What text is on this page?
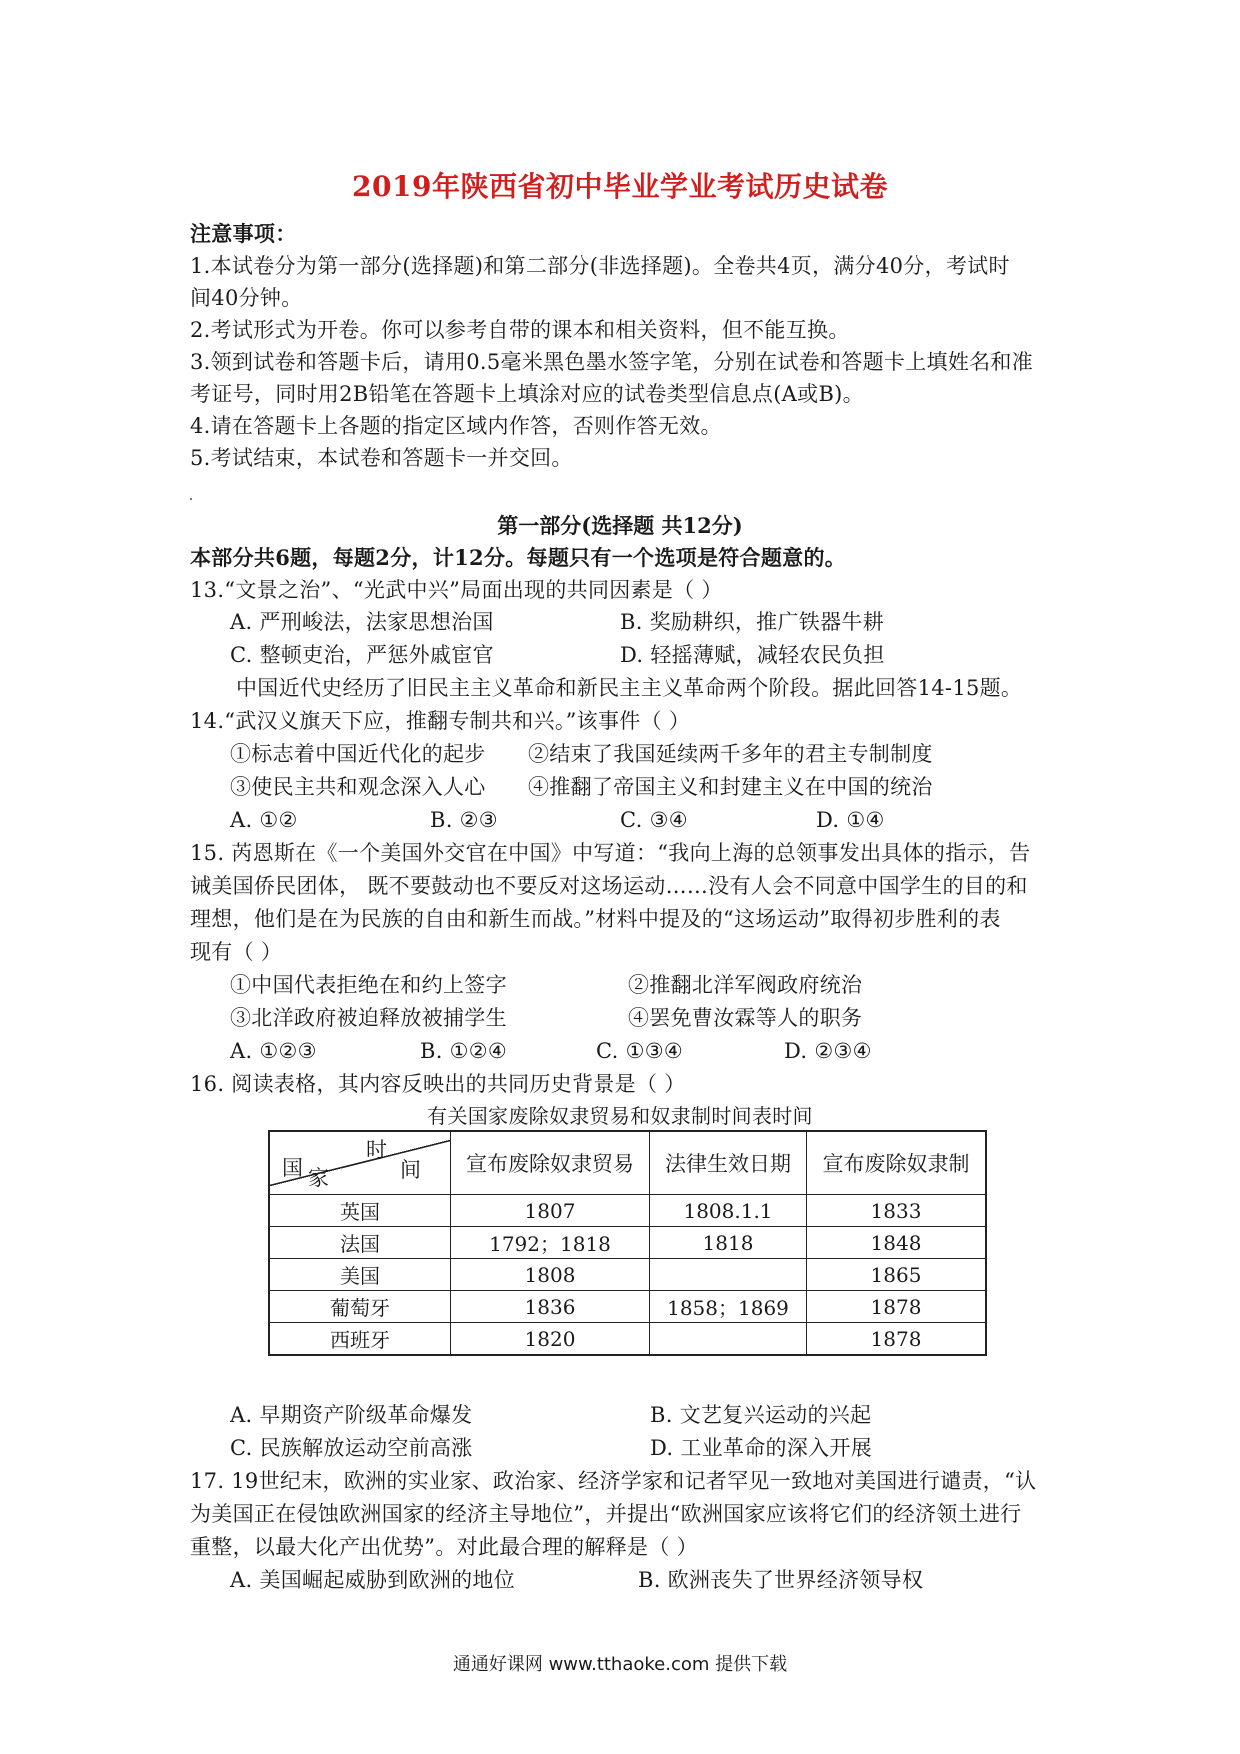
2019年陕西省初中毕业学业考试历史试卷
注意事项：
1.本试卷分为第一部分(选择题)和第二部分(非选择题)。全卷共4页，满分40分，考试时
间40分钟。
2.考试形式为开卷。你可以参考自带的课本和相关资料，但不能互换。
3.领到试卷和答题卡后，请用0.5毫米黑色墨水签字笔，分别在试卷和答题卡上填姓名和准
考证号，同时用2B铅笔在答题卡上填涂对应的试卷类型信息点(A或B)。
4.请在答题卡上各题的指定区域内作答，否则作答无效。
5.考试结束，本试卷和答题卡一并交回。
第一部分(选择题 共12分)
本部分共6题，每题2分，计12分。每题只有一个选项是符合题意的。
13.“文景之治”、“光武中兴”局面出现的共同因素是（ ）
A. 严刑峻法，法家思想治国	B. 奖励耕织，推广铁器牛耕
C. 整顿吏治，严惩外戚宦官	D. 轻摇薄赋，减轻农民负担
中国近代史经历了旧民主主义革命和新民主主义革命两个阶段。据此回答14-15题。
14.“武汉义旗天下应，推翻专制共和兴。”该事件（ ）
①标志着中国近代化的起步 ②结束了我国延续两千多年的君主专制制度
③使民主共和观念深入人心 ④推翻了帝国主义和封建主义在中国的统治
A. ①②	B. ②③	C. ③④	D. ①④
15. 芮恩斯在《一个美国外交官在中国》中写道：“我向上海的总领事发出具体的指示，告
诫美国侨民团体， 既不要鼓动也不要反对这场运动……没有人会不同意中国学生的目的和
理想，他们是在为民族的自由和新生而战。”材料中提及的“这场运动”取得初步胜利的表
现有（ ）
①中国代表拒绝在和约上签字	②推翻北洋军阀政府统治
③北洋政府被迫释放被捕学生	④罢免曹汝霖等人的职务
A. ①②③	B. ①②④	C. ①③④	D. ②③④
16. 阅读表格，其内容反映出的共同历史背景是（ ）
有关国家废除奴隶贸易和奴隶制时间表时间
时
间
国 家	宣布废除奴隶贸易	法律生效日期	宣布废除奴隶制
英国	1807	1808.1.1	1833
法国	1792；1818	1818	1848
美国	1808		1865
葡萄牙	1836	1858；1869	1878
西班牙	1820		1878
A. 早期资产阶级革命爆发	B. 文艺复兴运动的兴起
C. 民族解放运动空前高涨	D. 工业革命的深入开展
17. 19世纪末，欧洲的实业家、政治家、经济学家和记者罕见一致地对美国进行谴责，“认
为美国正在侵蚀欧洲国家的经济主导地位”，并提出“欧洲国家应该将它们的经济领土进行
重整，以最大化产出优势”。对此最合理的解释是（ ）
A. 美国崛起威胁到欧洲的地位	B. 欧洲丧失了世界经济领导权
通通好课网 www.tthaoke.com 提供下载
